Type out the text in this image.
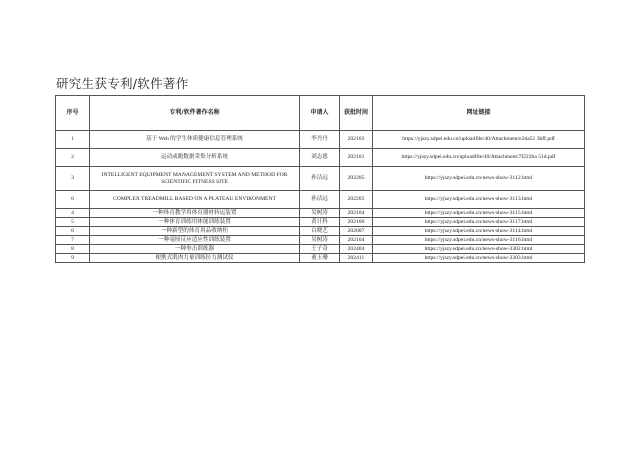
研究生获专利/软件著作
序号	专利/软件著作名称	申请人	获批时间	网址链接
1	基于 Web 的学生体质健康信息管理系统	李丹丹	202103	https://yjszy.sdpei.edu.cn/uploadfile/40/Attachment/e2da51 3bff.pdf
2	运动或跑数据采集分析系统	刘志恩	202101	https://yjszy.sdpei.edu.cn/uploadfile/40/Attachment/7f222ba 51d.pdf
3	INTELLIGENT EQUIPMENT MANAGEMENT SYSTEM AND METHOD FOR SCIENTIFIC FITNESS SITE	孙洁远	202205	https://yjszy.sdpei.edu.cn/news-show-3112.html
6	COMPLEX TREADMILL BASED ON A PLATEAU ENVIRONMENT	孙洁远	202205	https://yjszy.sdpei.edu.cn/news-show-3113.html
4	一种体育教学用体育器材转运装置	吴树涛	202104	https://yjszy.sdpei.edu.cn/news-show-3115.html
5	一种体育训练用体能训练装置	黄计科	202106	https://yjszy.sdpei.edu.cn/news-show-3117.html
6	一种新型的体育用品收纳柜	白晓艺	202007	https://yjszy.sdpei.edu.cn/news-show-3114.html
7	一种毫厘反应适应性训练装置	吴树涛	202104	https://yjszy.sdpei.edu.cn/news-show-3116.html
8	一种拳击训练器	王子奇	202404	https://yjszy.sdpei.edu.cn/news-show-3302.html
9	便携式肌肉力量训练拉力测试仪	董玉珊	202411	https://yjszy.sdpei.edu.cn/news-show-3303.html
